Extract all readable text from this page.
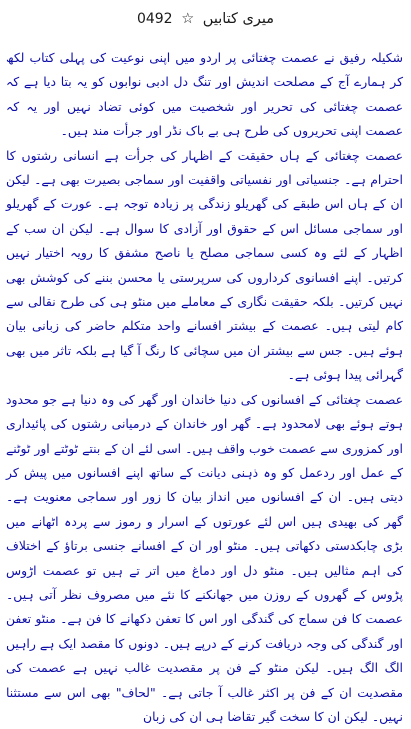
میری کتابیں ☆ 0492

شکیلہ رفیق نے عصمت چغتائی پر اردو میں اپنی نوعیت کی پہلی کتاب لکھ کر ہمارے آج کے مصلحت اندیش اور تنگ دل ادبی نوابوں کو یہ بتا دیا ہے کہ عصمت چغتائی کی تحریر اور شخصیت میں کوئی تضاد نہیں اور یہ کہ عصمت اپنی تحریروں کی طرح ہی بے باک نڈر اور جرأت مند ہیں۔

عصمت چغتائی کے ہاں حقیقت کے اظہار کی جرأت ہے انسانی رشتوں کا احترام ہے۔ جنسیاتی اور نفسیاتی واقفیت اور سماجی بصیرت بھی ہے۔ لیکن ان کے ہاں اس طبقے کی گھریلو زندگی پر زیادہ توجہ ہے۔ عورت کے گھریلو اور سماجی مسائل اس کے حقوق اور آزادی کا سوال ہے۔ لیکن ان سب کے اظہار کے لئے وہ کسی سماجی مصلح یا ناصح مشفق کا رویہ اختیار نہیں کرتیں۔ اپنے افسانوی کرداروں کی سرپرستی یا محسن بننے کی کوشش بھی نہیں کرتیں۔ بلکہ حقیقت نگاری کے معاملے میں منٹو ہی کی طرح نقالی سے کام لیتی ہیں۔ عصمت کے بیشتر افسانے واحد متکلم حاضر کی زبانی بیان ہوئے ہیں۔ جس سے بیشتر ان میں سچائی کا رنگ آ گیا ہے بلکہ تاثر میں بھی گہرائی پیدا ہوئی ہے۔

عصمت چغتائی کے افسانوں کی دنیا خاندان اور گھر کی وہ دنیا ہے جو محدود ہوتے ہوئے بھی لامحدود ہے۔ گھر اور خاندان کے درمیانی رشتوں کی پائیداری اور کمزوری سے عصمت خوب واقف ہیں۔ اسی لئے ان کے بنتے ٹوٹتے اور ٹوٹنے کے عمل اور ردعمل کو وہ ذہنی دیانت کے ساتھ اپنے افسانوں میں پیش کر دیتی ہیں۔ ان کے افسانوں میں انداز بیان کا زور اور سماجی معنویت ہے۔ گھر کی بھیدی ہیں اس لئے عورتوں کے اسرار و رموز سے پردہ اٹھانے میں بڑی چابکدستی دکھاتی ہیں۔ منٹو اور ان کے افسانے جنسی برتاؤ کے اختلاف کی اہم مثالیں ہیں۔ منٹو دل اور دماغ میں اتر تے ہیں تو عصمت اڑوس پڑوس کے گھروں کے روزن میں جھانکنے کا نئے میں مصروف نظر آتی ہیں۔ عصمت کا فن سماج کی گندگی اور اس کا تعفن دکھانے کا فن ہے۔ منٹو تعفن اور گندگی کی وجہ دریافت کرنے کے درپے ہیں۔ دونوں کا مقصد ایک ہے راہیں الگ الگ ہیں۔ لیکن منٹو کے فن پر مقصدیت غالب نہیں ہے عصمت کی مقصدیت ان کے فن پر اکثر غالب آ جاتی ہے۔ "لحاف" بھی اس سے مستثنا نہیں۔ لیکن ان کا سخت گیر تقاضا ہی ان کی زبان
